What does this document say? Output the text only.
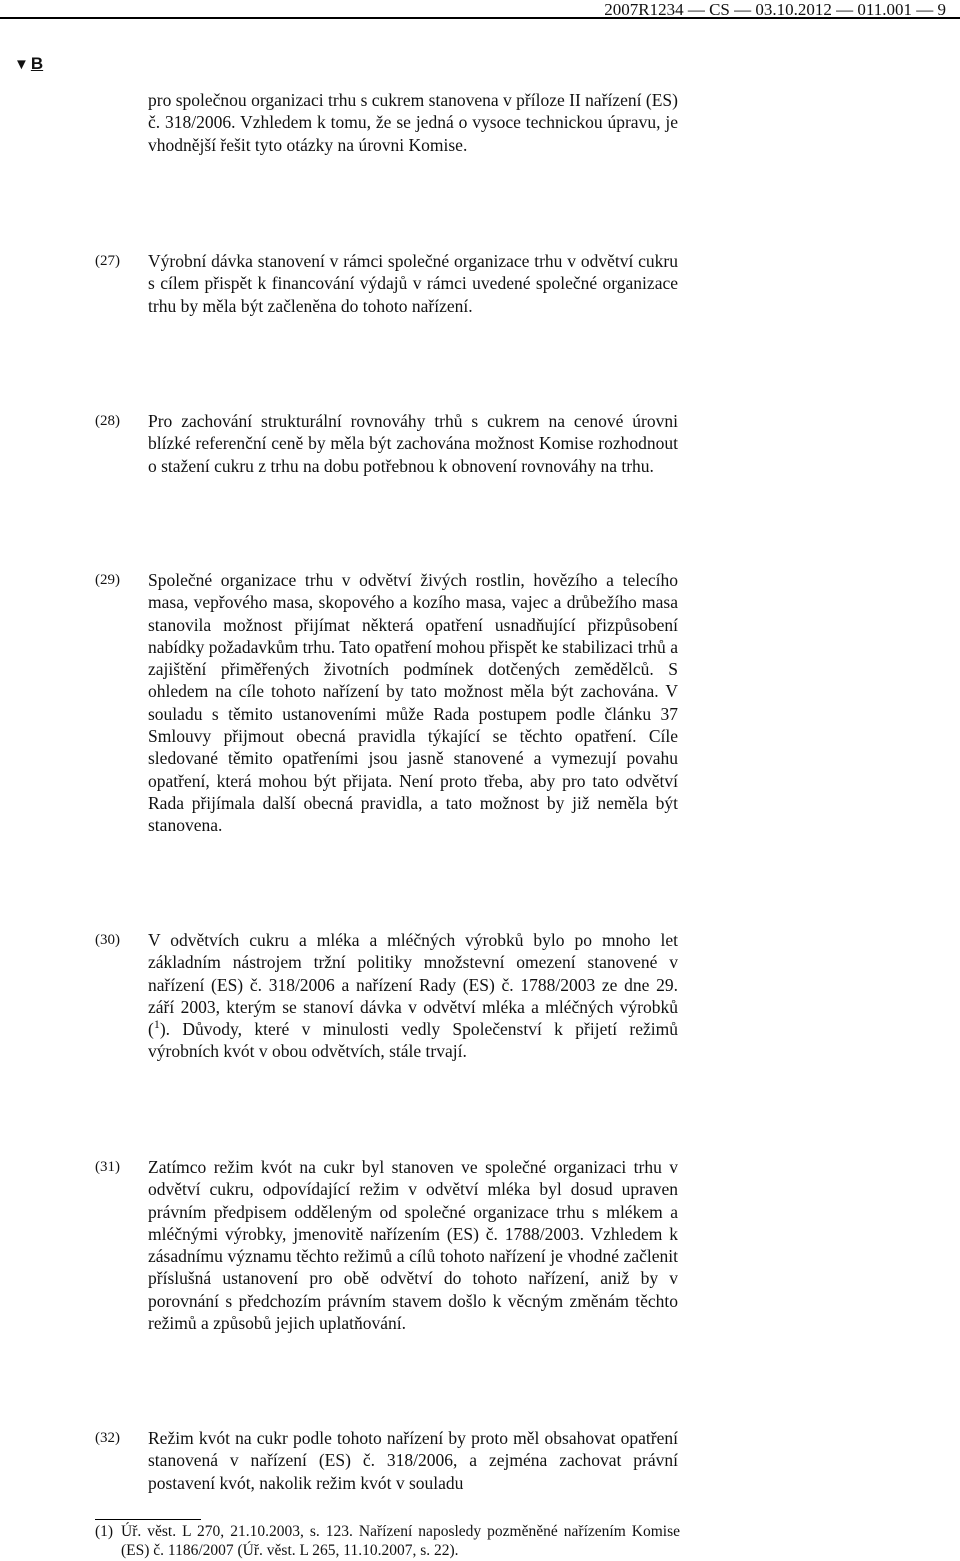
2007R1234 — CS — 03.10.2012 — 011.001 — 9
▼ B
pro společnou organizaci trhu s cukrem stanovena v příloze II nařízení (ES) č. 318/2006. Vzhledem k tomu, že se jedná o vysoce technickou úpravu, je vhodnější řešit tyto otázky na úrovni Komise.
(27) Výrobní dávka stanovení v rámci společné organizace trhu v odvětví cukru s cílem přispět k financování výdajů v rámci uvedené společné organizace trhu by měla být začleněna do tohoto nařízení.
(28) Pro zachování strukturální rovnováhy trhů s cukrem na cenové úrovni blízké referenční ceně by měla být zachována možnost Komise rozhodnout o stažení cukru z trhu na dobu potřebnou k obnovení rovnováhy na trhu.
(29) Společné organizace trhu v odvětví živých rostlin, hovězího a telecího masa, vepřového masa, skopového a kozího masa, vajec a drůbežího masa stanovila možnost přijímat některá opatření usnadňující přizpůsobení nabídky požadavkům trhu. Tato opatření mohou přispět ke stabilizaci trhů a zajištění přiměřených životních podmínek dotčených zemědělců. S ohledem na cíle tohoto nařízení by tato možnost měla být zachována. V souladu s těmito ustanoveními může Rada postupem podle článku 37 Smlouvy přijmout obecná pravidla týkající se těchto opatření. Cíle sledované těmito opatřeními jsou jasně stanovené a vymezují povahu opatření, která mohou být přijata. Není proto třeba, aby pro tato odvětví Rada přijímala další obecná pravidla, a tato možnost by již neměla být stanovena.
(30) V odvětvích cukru a mléka a mléčných výrobků bylo po mnoho let základním nástrojem tržní politiky množstevní omezení stanovené v nařízení (ES) č. 318/2006 a nařízení Rady (ES) č. 1788/2003 ze dne 29. září 2003, kterým se stanoví dávka v odvětví mléka a mléčných výrobků ($^1$). Důvody, které v minulosti vedly Společenství k přijetí režimů výrobních kvót v obou odvětvích, stále trvají.
(31) Zatímco režim kvót na cukr byl stanoven ve společné organizaci trhu v odvětví cukru, odpovídající režim v odvětví mléka byl dosud upraven právním předpisem odděleným od společné organizace trhu s mlékem a mléčnými výrobky, jmenovitě nařízením (ES) č. 1788/2003. Vzhledem k zásadnímu významu těchto režimů a cílů tohoto nařízení je vhodné začlenit příslušná ustanovení pro obě odvětví do tohoto nařízení, aniž by v porovnání s předchozím právním stavem došlo k věcným změnám těchto režimů a způsobů jejich uplatňování.
(32) Režim kvót na cukr podle tohoto nařízení by proto měl obsahovat opatření stanovená v nařízení (ES) č. 318/2006, a zejména zachovat právní postavení kvót, nakolik režim kvót v souladu
(1) Úř. věst. L 270, 21.10.2003, s. 123. Nařízení naposledy pozměněné nařízením Komise (ES) č. 1186/2007 (Úř. věst. L 265, 11.10.2007, s. 22).
